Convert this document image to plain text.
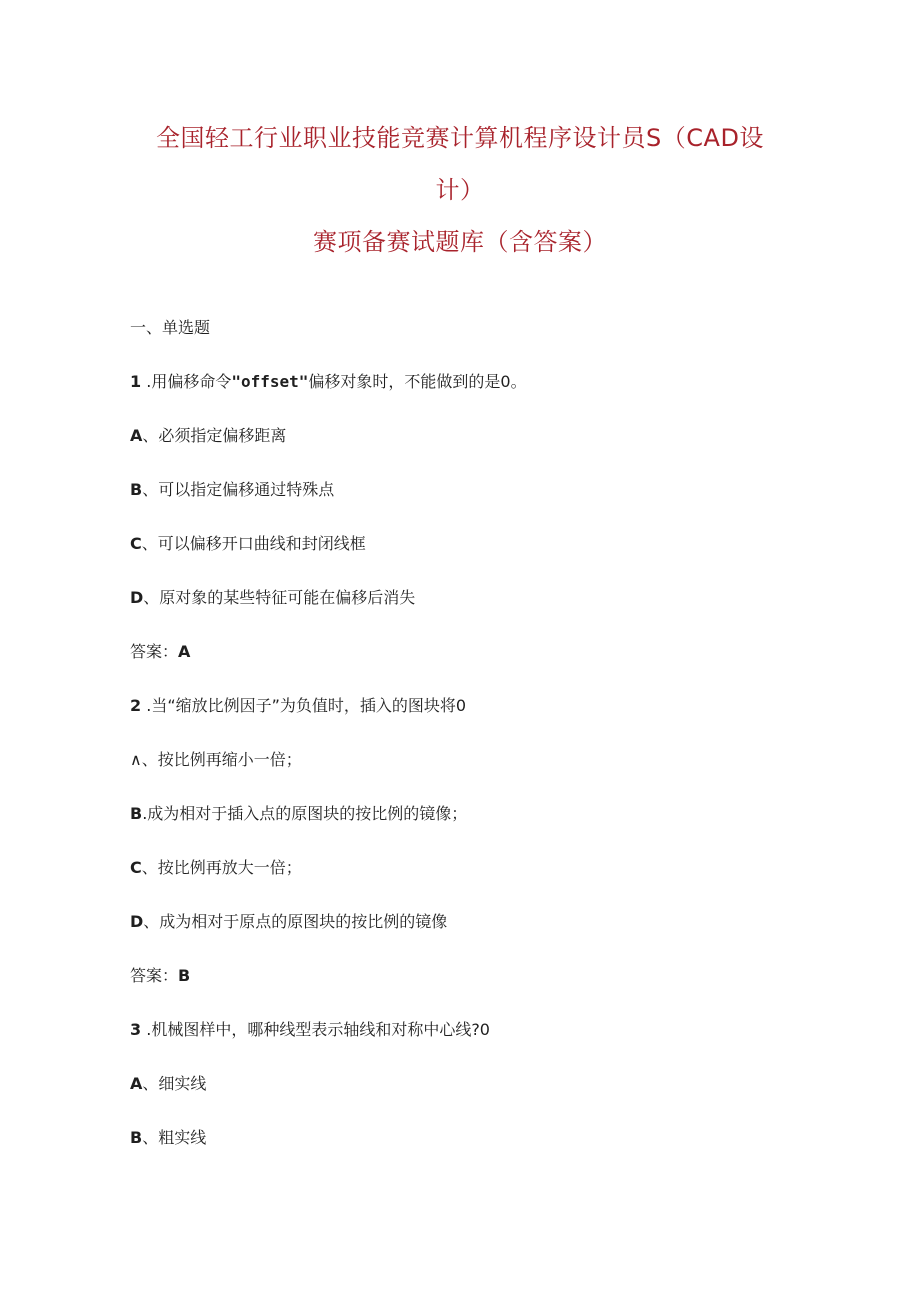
全国轻工行业职业技能竞赛计算机程序设计员S（CAD设
计）
赛项备赛试题库（含答案）
一、单选题
1 .用偏移命令"offset"偏移对象时，不能做到的是0。
A、必须指定偏移距离
B、可以指定偏移通过特殊点
C、可以偏移开口曲线和封闭线框
D、原对象的某些特征可能在偏移后消失
答案：A
2 .当“缩放比例因子”为负值时，插入的图块将0
∧、按比例再缩小一倍；
B.成为相对于插入点的原图块的按比例的镜像；
C、按比例再放大一倍；
D、成为相对于原点的原图块的按比例的镜像
答案：B
3 .机械图样中，哪种线型表示轴线和对称中心线?0
A、细实线
B、粗实线
